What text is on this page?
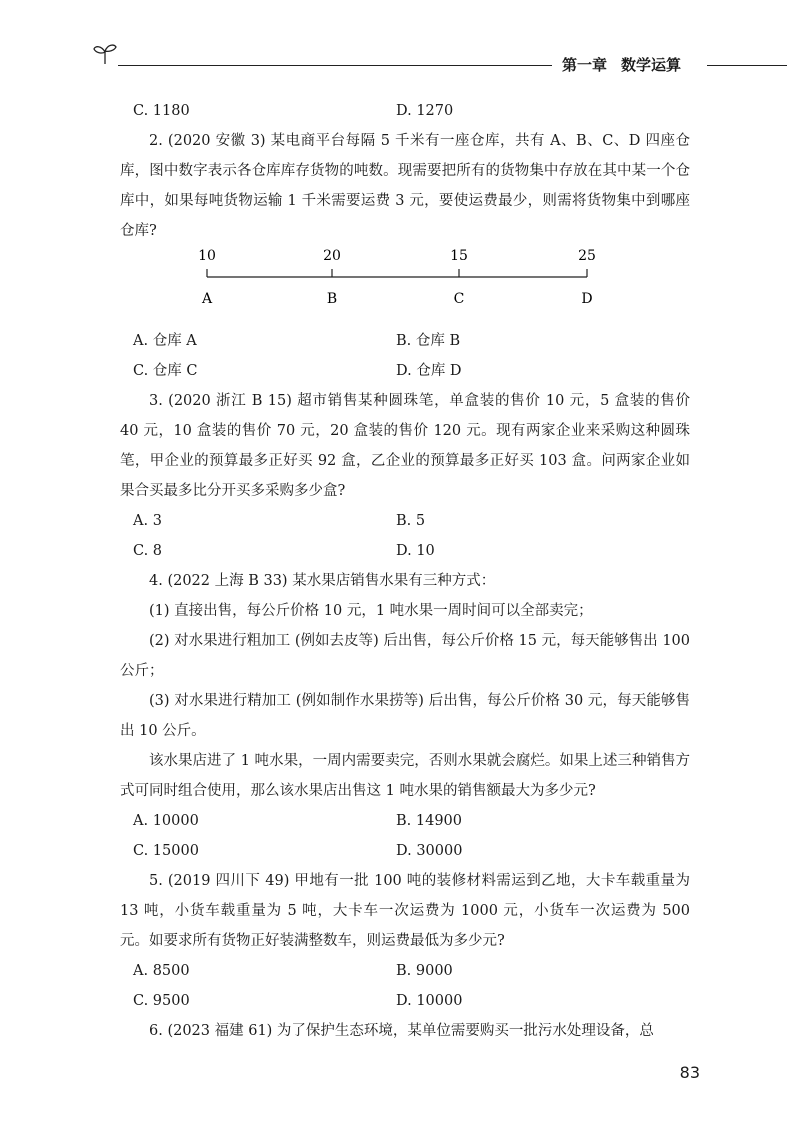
第一章 数学运算
C. 1180	D. 1270

2. (2020 安徽 3) 某电商平台每隔 5 千米有一座仓库，共有 A、B、C、D 四座仓库，图中数字表示各仓库库存货物的吨数。现需要把所有的货物集中存放在其中某一个仓库中，如果每吨货物运输 1 千米需要运费 3 元，要使运费最少，则需将货物集中到哪座仓库?

10	20	15	25
A	B	C	D
A. 仓库 A	B. 仓库 B
C. 仓库 C	D. 仓库 D

3. (2020 浙江 B 15) 超市销售某种圆珠笔，单盒装的售价 10 元，5 盒装的售价 40 元，10 盒装的售价 70 元，20 盒装的售价 120 元。现有两家企业来采购这种圆珠笔，甲企业的预算最多正好买 92 盒，乙企业的预算最多正好买 103 盒。问两家企业如果合买最多比分开买多采购多少盒?

A. 3	B. 5
C. 8	D. 10

4. (2022 上海 B 33) 某水果店销售水果有三种方式：

(1) 直接出售，每公斤价格 10 元，1 吨水果一周时间可以全部卖完；

(2) 对水果进行粗加工 (例如去皮等) 后出售，每公斤价格 15 元，每天能够售出 100 公斤；

(3) 对水果进行精加工 (例如制作水果捞等) 后出售，每公斤价格 30 元，每天能够售出 10 公斤。

该水果店进了 1 吨水果，一周内需要卖完，否则水果就会腐烂。如果上述三种销售方式可同时组合使用，那么该水果店出售这 1 吨水果的销售额最大为多少元?

A. 10000	B. 14900
C. 15000	D. 30000

5. (2019 四川下 49) 甲地有一批 100 吨的装修材料需运到乙地，大卡车载重量为 13 吨，小货车载重量为 5 吨，大卡车一次运费为 1000 元，小货车一次运费为 500 元。如要求所有货物正好装满整数车，则运费最低为多少元?

A. 8500	B. 9000
C. 9500	D. 10000

6. (2023 福建 61) 为了保护生态环境，某单位需要购买一批污水处理设备，总

83
